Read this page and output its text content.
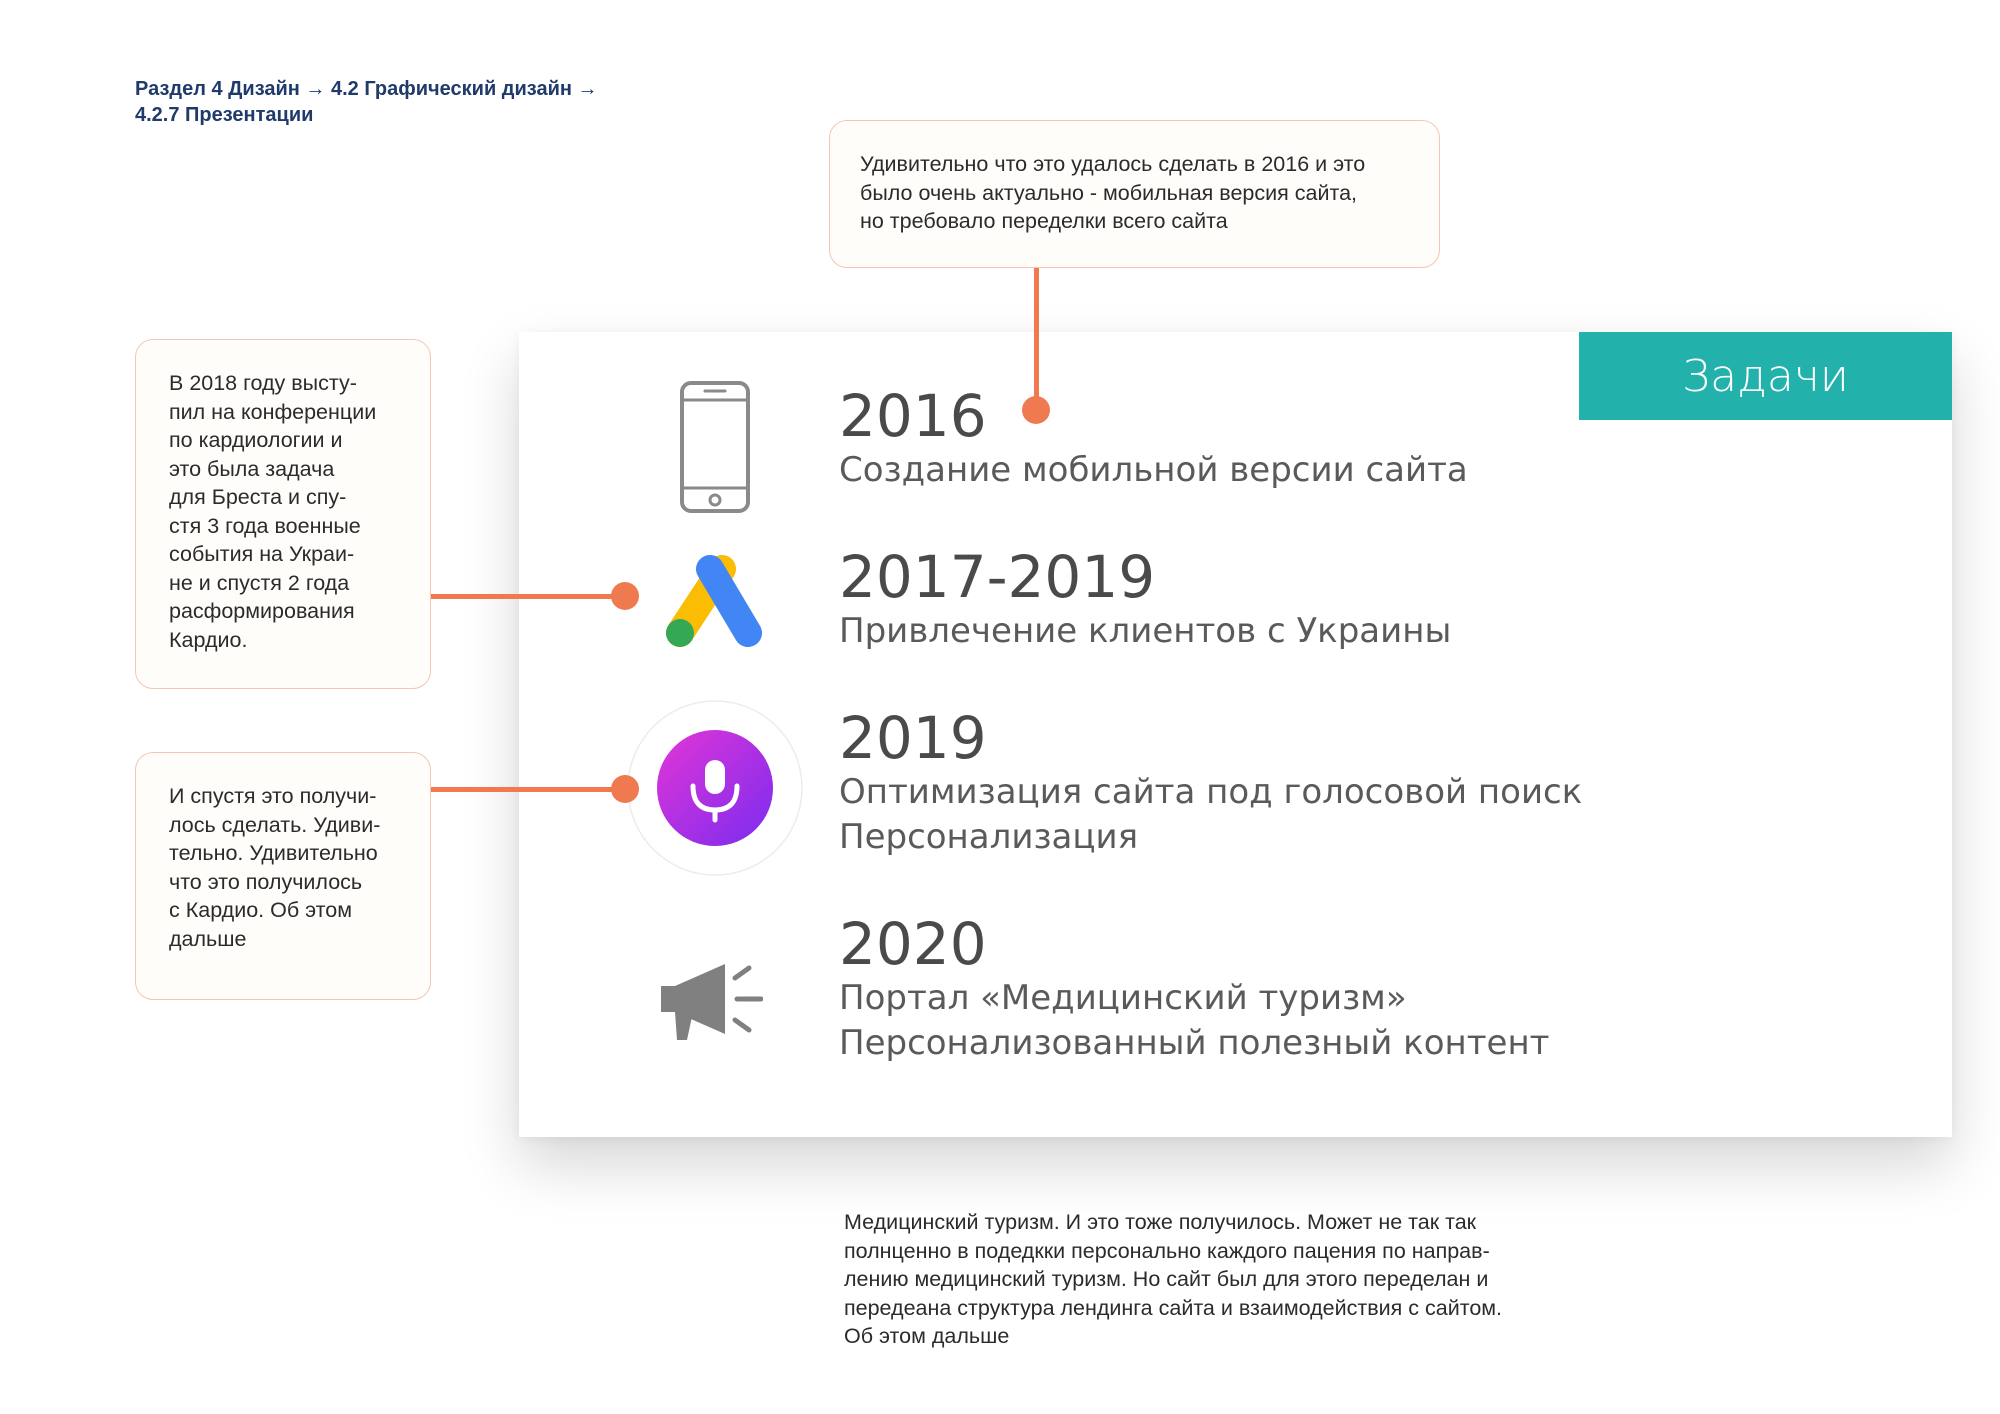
Раздел 4 Дизайн → 4.2 Графический дизайн →
4.2.7 Презентации
Удивительно что это удалось сделать в 2016 и это
было очень актуально - мобильная версия сайта,
но требовало переделки всего сайта
В 2018 году высту-
пил на конференции
по кардиологии и
это была задача
для Бреста и спу-
стя 3 года военные
события на Украи-
не и спустя 2 года
расформирования
Кардио.
И спустя это получи-
лось сделать. Удиви-
тельно. Удивительно
что это получилось
с Кардио. Об этом
дальше
Задачи
2016
Создание мобильной версии сайта
2017-2019
Привлечение клиентов с Украины
2019
Оптимизация сайта под голосовой поиск
Персонализация
2020
Портал «Медицинский туризм»
Персонализованный полезный контент
Медицинский туризм. И это тоже получилось. Может не так так
полнценно в подедкки персонально каждого пацения по направ-
лению медицинский туризм. Но сайт был для этого переделан и
передеана структура лендинга сайта и взаимодействия с сайтом.
Об этом дальше
